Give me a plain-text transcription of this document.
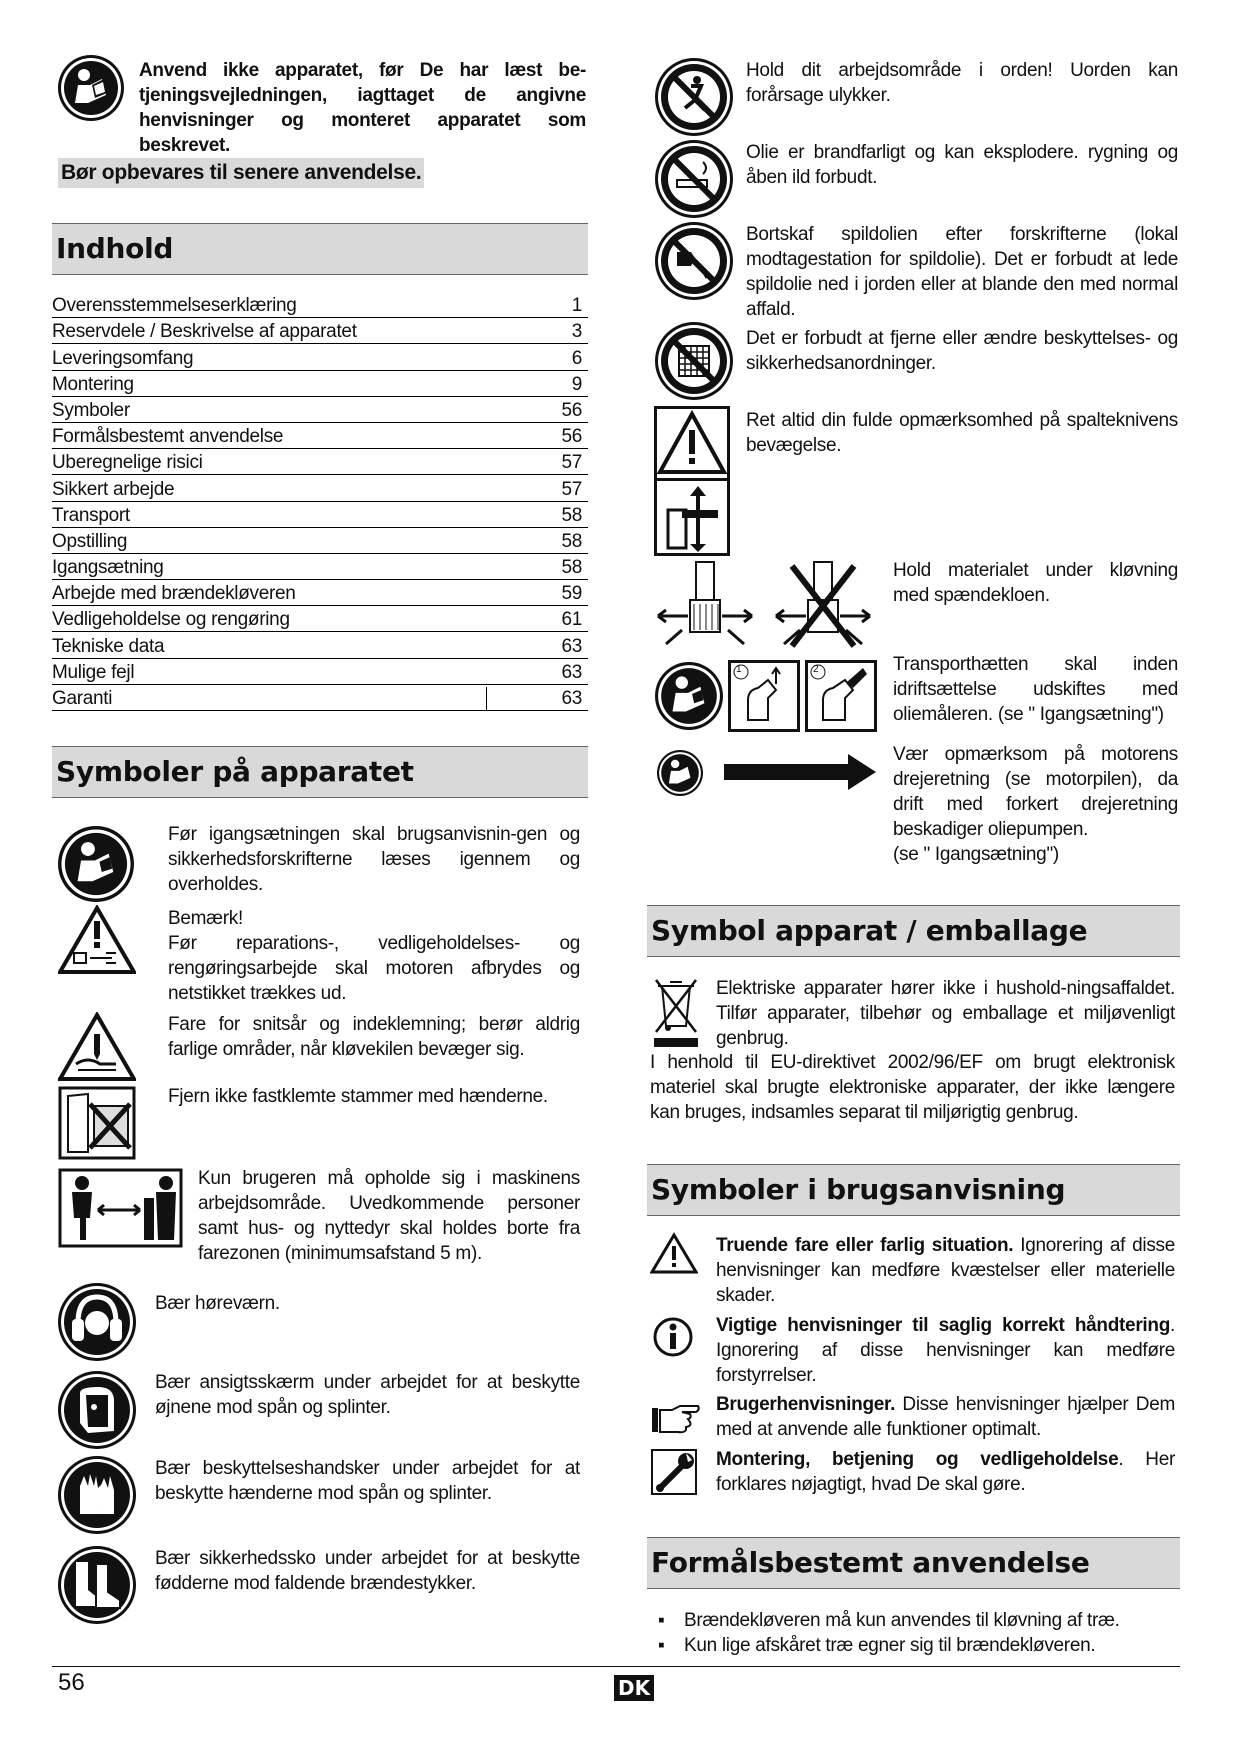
Anvend ikke apparatet, før De har læst be-tjeningsvejledningen, iagttaget de angivne henvisninger og monteret apparatet som beskrevet.
Bør opbevares til senere anvendelse.
Indhold
Overensstemmelseserklæring	1
Reservdele / Beskrivelse af apparatet	3
Leveringsomfang	6
Montering	9
Symboler	56
Formålsbestemt anvendelse	56
Uberegnelige risici	57
Sikkert arbejde	57
Transport	58
Opstilling	58
Igangsætning	58
Arbejde med brændekløveren	59
Vedligeholdelse og rengøring	61
Tekniske data	63
Mulige fejl	63
Garanti	63
Symboler på apparatet
Før igangsætningen skal brugsanvisnin-gen og sikkerhedsforskrifterne læses igennem og overholdes.
Bemærk!
Før reparations-, vedligeholdelses- og rengøringsarbejde skal motoren afbrydes og netstikket trækkes ud.
Fare for snitsår og indeklemning; berør aldrig farlige områder, når kløvekilen bevæger sig.
Fjern ikke fastklemte stammer med hænderne.
Kun brugeren må opholde sig i maskinens arbejdsområde. Uvedkommende personer samt hus- og nyttedyr skal holdes borte fra farezonen (minimumsafstand 5 m).
Bær høreværn.
Bær ansigtsskærm under arbejdet for at beskytte øjnene mod spån og splinter.
Bær beskyttelseshandsker under arbejdet for at beskytte hænderne mod spån og splinter.
Bær sikkerhedssko under arbejdet for at beskytte fødderne mod faldende brændestykker.
Hold dit arbejdsområde i orden! Uorden kan forårsage ulykker.
Olie er brandfarligt og kan eksplodere. rygning og åben ild forbudt.
Bortskaf spildolien efter forskrifterne (lokal modtagestation for spildolie). Det er forbudt at lede spildolie ned i jorden eller at blande den med normal affald.
Det er forbudt at fjerne eller ændre beskyttelses- og sikkerhedsanordninger.
Ret altid din fulde opmærksomhed på spalteknivens bevægelse.
Hold materialet under kløvning med spændekloen.
1	2	Transporthætten skal inden idriftsættelse udskiftes med oliemåleren. (se " Igangsætning")
Vær opmærksom på motorens drejeretning (se motorpilen), da drift med forkert drejeretning beskadiger oliepumpen.
(se " Igangsætning")
Symbol apparat / emballage
Elektriske apparater hører ikke i hushold-ningsaffaldet. Tilfør apparater, tilbehør og emballage et miljøvenligt genbrug.
I henhold til EU-direktivet 2002/96/EF om brugt elektronisk materiel skal brugte elektroniske apparater, der ikke længere kan bruges, indsamles separat til miljørigtig genbrug.
Symboler i brugsanvisning
Truende fare eller farlig situation. Ignorering af disse henvisninger kan medføre kvæstelser eller materielle skader.
Vigtige henvisninger til saglig korrekt håndtering. Ignorering af disse henvisninger kan medføre forstyrrelser.
Brugerhenvisninger. Disse henvisninger hjælper Dem med at anvende alle funktioner optimalt.
Montering, betjening og vedligeholdelse. Her forklares nøjagtigt, hvad De skal gøre.
Formålsbestemt anvendelse
▪ Brændekløveren må kun anvendes til kløvning af træ.
▪ Kun lige afskåret træ egner sig til brændekløveren.
56	DK
